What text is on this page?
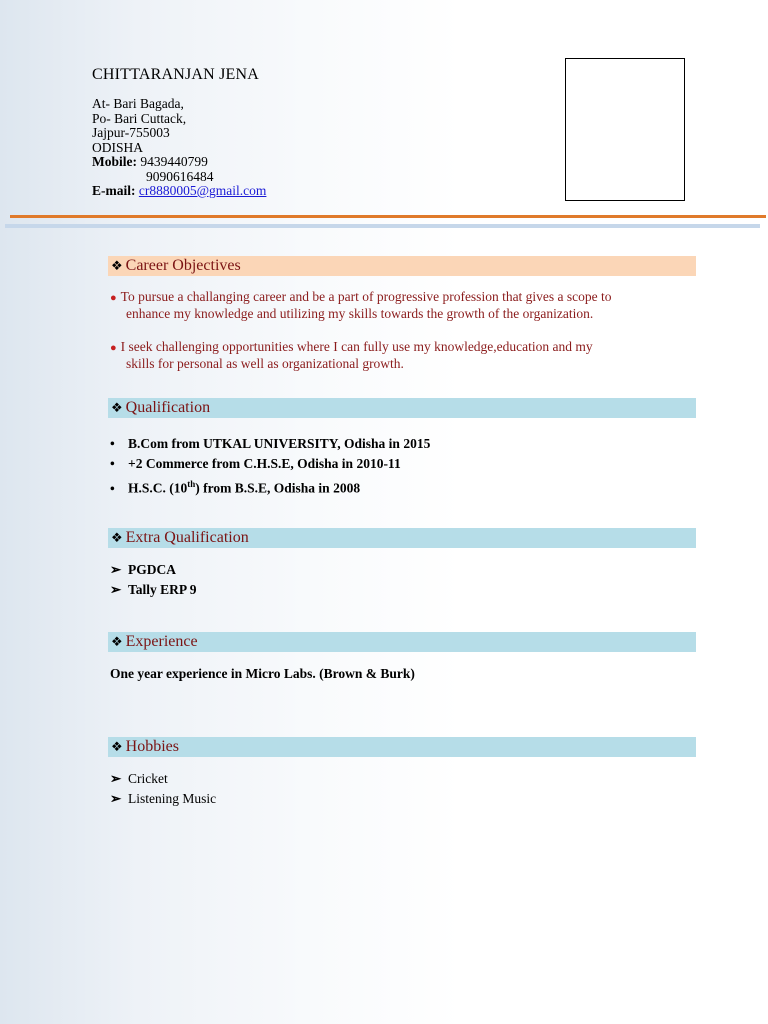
CHITTARANJAN JENA
At- Bari Bagada,
Po- Bari Cuttack,
Jajpur-755003
ODISHA
Mobile: 9439440799
9090616484
E-mail: cr8880005@gmail.com
❖ Career Objectives
● To pursue a challanging career and be a part of progressive profession that gives a scope to
enhance my knowledge and utilizing my skills towards the growth of the organization.
● I seek challenging opportunities where I can fully use my knowledge,education and my
skills for personal as well as organizational growth.
❖ Qualification
• B.Com from UTKAL UNIVERSITY, Odisha in 2015
• +2 Commerce from C.H.S.E, Odisha in 2010-11
• H.S.C. (10th) from B.S.E, Odisha in 2008
❖ Extra Qualification
➢ PGDCA
➢ Tally ERP 9
❖ Experience
One year experience in Micro Labs. (Brown & Burk)
❖ Hobbies
➢ Cricket
➢ Listening Music
